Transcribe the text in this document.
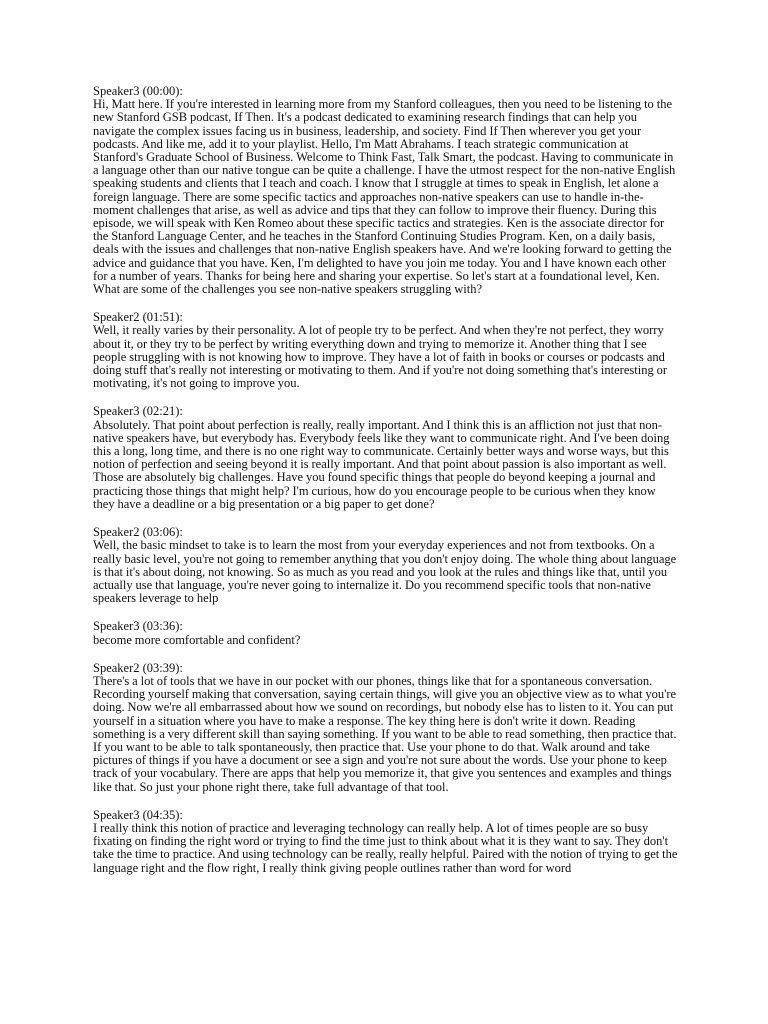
Speaker3 (00:00):
Hi, Matt here. If you're interested in learning more from my Stanford colleagues, then you need to be listening to the new Stanford GSB podcast, If Then. It's a podcast dedicated to examining research findings that can help you navigate the complex issues facing us in business, leadership, and society. Find If Then wherever you get your podcasts. And like me, add it to your playlist. Hello, I'm Matt Abrahams. I teach strategic communication at Stanford's Graduate School of Business. Welcome to Think Fast, Talk Smart, the podcast. Having to communicate in a language other than our native tongue can be quite a challenge. I have the utmost respect for the non-native English speaking students and clients that I teach and coach. I know that I struggle at times to speak in English, let alone a foreign language. There are some specific tactics and approaches non-native speakers can use to handle in-the-moment challenges that arise, as well as advice and tips that they can follow to improve their fluency. During this episode, we will speak with Ken Romeo about these specific tactics and strategies. Ken is the associate director for the Stanford Language Center, and he teaches in the Stanford Continuing Studies Program. Ken, on a daily basis, deals with the issues and challenges that non-native English speakers have. And we're looking forward to getting the advice and guidance that you have. Ken, I'm delighted to have you join me today. You and I have known each other for a number of years. Thanks for being here and sharing your expertise. So let's start at a foundational level, Ken. What are some of the challenges you see non-native speakers struggling with?
Speaker2 (01:51):
Well, it really varies by their personality. A lot of people try to be perfect. And when they're not perfect, they worry about it, or they try to be perfect by writing everything down and trying to memorize it. Another thing that I see people struggling with is not knowing how to improve. They have a lot of faith in books or courses or podcasts and doing stuff that's really not interesting or motivating to them. And if you're not doing something that's interesting or motivating, it's not going to improve you.
Speaker3 (02:21):
Absolutely. That point about perfection is really, really important. And I think this is an affliction not just that non-native speakers have, but everybody has. Everybody feels like they want to communicate right. And I've been doing this a long, long time, and there is no one right way to communicate. Certainly better ways and worse ways, but this notion of perfection and seeing beyond it is really important. And that point about passion is also important as well. Those are absolutely big challenges. Have you found specific things that people do beyond keeping a journal and practicing those things that might help? I'm curious, how do you encourage people to be curious when they know they have a deadline or a big presentation or a big paper to get done?
Speaker2 (03:06):
Well, the basic mindset to take is to learn the most from your everyday experiences and not from textbooks. On a really basic level, you're not going to remember anything that you don't enjoy doing. The whole thing about language is that it's about doing, not knowing. So as much as you read and you look at the rules and things like that, until you actually use that language, you're never going to internalize it. Do you recommend specific tools that non-native speakers leverage to help
Speaker3 (03:36):
become more comfortable and confident?
Speaker2 (03:39):
There's a lot of tools that we have in our pocket with our phones, things like that for a spontaneous conversation. Recording yourself making that conversation, saying certain things, will give you an objective view as to what you're doing. Now we're all embarrassed about how we sound on recordings, but nobody else has to listen to it. You can put yourself in a situation where you have to make a response. The key thing here is don't write it down. Reading something is a very different skill than saying something. If you want to be able to read something, then practice that. If you want to be able to talk spontaneously, then practice that. Use your phone to do that. Walk around and take pictures of things if you have a document or see a sign and you're not sure about the words. Use your phone to keep track of your vocabulary. There are apps that help you memorize it, that give you sentences and examples and things like that. So just your phone right there, take full advantage of that tool.
Speaker3 (04:35):
I really think this notion of practice and leveraging technology can really help. A lot of times people are so busy fixating on finding the right word or trying to find the time just to think about what it is they want to say. They don't take the time to practice. And using technology can be really, really helpful. Paired with the notion of trying to get the language right and the flow right, I really think giving people outlines rather than word for word
